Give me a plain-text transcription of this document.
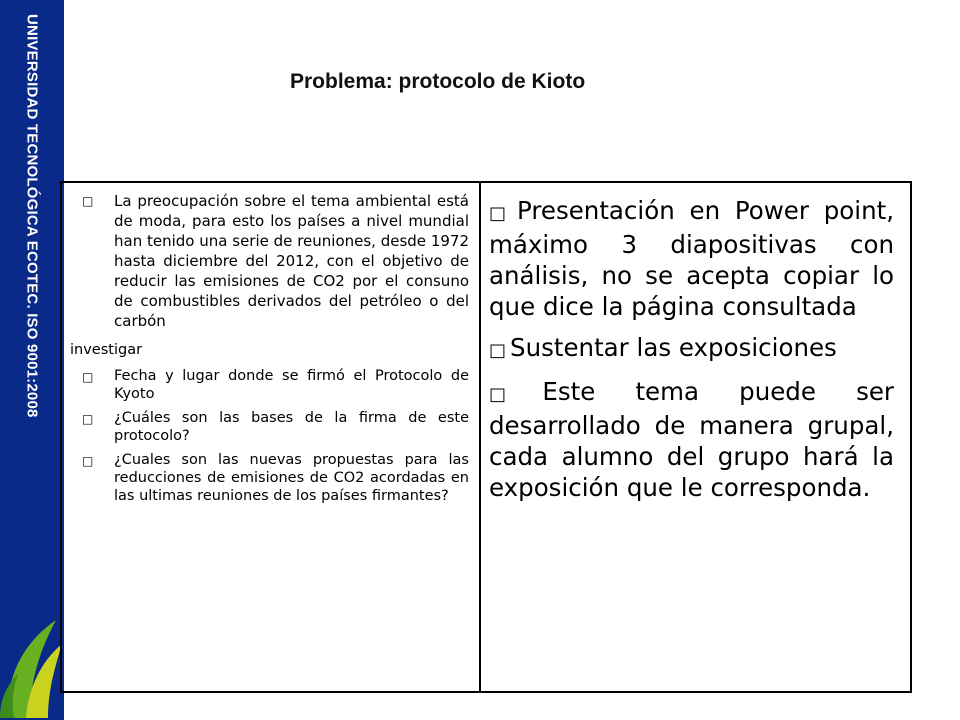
UNIVERSIDAD TECNOLÓGICA ECOTEC. ISO 9001:2008	Problema: protocolo de Kioto
□	La preocupación sobre el tema ambiental está de moda, para esto los países a nivel mundial han tenido una serie de reuniones, desde 1972 hasta diciembre del 2012, con el objetivo de reducir las emisiones de CO2 por el consuno de combustibles derivados del petróleo o del carbón
investigar
□	Fecha y lugar donde se firmó el Protocolo de Kyoto
□	¿Cuáles son las bases de la firma de este protocolo?
□	¿Cuales son las nuevas propuestas para las reducciones de emisiones de CO2 acordadas en las ultimas reuniones de los países firmantes?
□ Presentación en Power point, máximo 3 diapositivas con análisis, no se acepta copiar lo que dice la página consultada
□ Sustentar las exposiciones
□ Este tema puede ser desarrollado de manera grupal, cada alumno del grupo hará la exposición que le corresponda.
